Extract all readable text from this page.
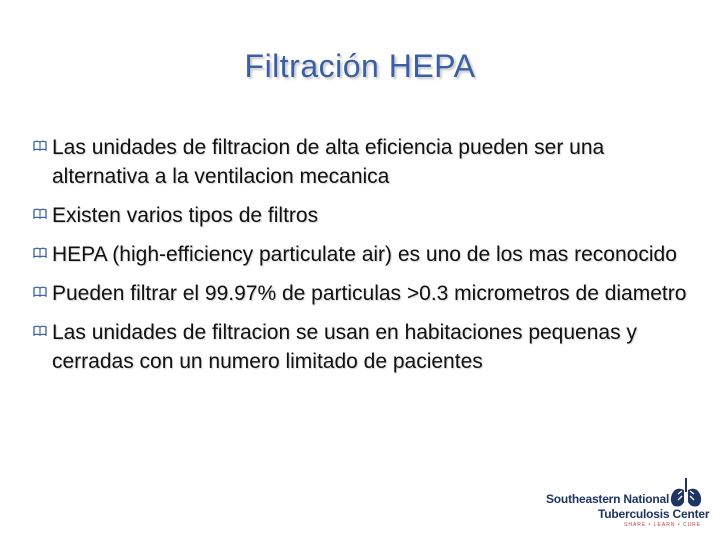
Filtración HEPA
Las unidades de filtracion de alta eficiencia pueden ser una alternativa a la ventilacion mecanica
Existen varios tipos de filtros
HEPA (high-efficiency particulate air) es uno de los mas reconocido
Pueden filtrar el 99.97% de particulas >0.3 micrometros de diametro
Las unidades de filtracion se usan en habitaciones pequenas y cerradas con un numero limitado de pacientes
Southeastern National
Tuberculosis Center
SHARE • LEARN • CURE
